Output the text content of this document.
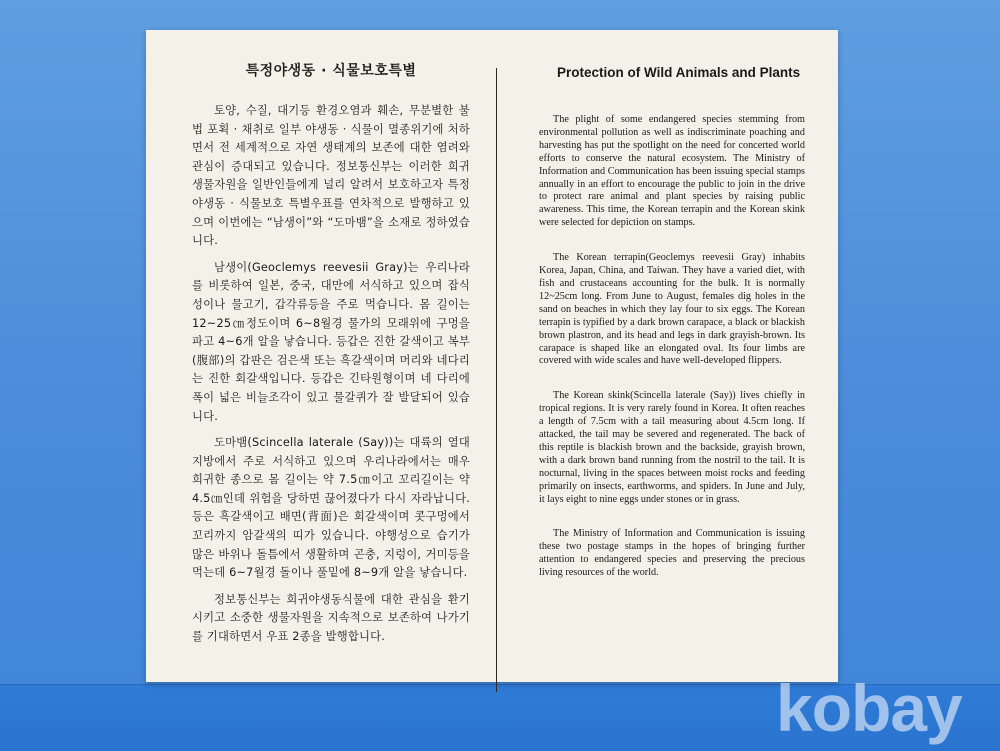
특정야생동 · 식물보호특별

토양, 수질, 대기등 환경오염과 훼손, 무분별한 불법 포획 · 채취로 일부 야생동 · 식물이 멸종위기에 처하면서 전 세계적으로 자연 생태계의 보존에 대한 염려와 관심이 증대되고 있습니다. 정보통신부는 이러한 희귀생물자원을 일반인들에게 널리 알려서 보호하고자 특정야생동 · 식물보호 특별우표를 연차적으로 발행하고 있으며 이번에는 “남생이”와 “도마뱀”을 소재로 정하였습니다.

남생이(Geoclemys reevesii Gray)는 우리나라를 비롯하여 일본, 중국, 대만에 서식하고 있으며 잡식성이나 물고기, 갑각류등을 주로 먹습니다. 몸 길이는 12~25㎝정도이며 6~8월경 물가의 모래위에 구멍을 파고 4~6개 알을 낳습니다. 등갑은 진한 갈색이고 복부(腹部)의 갑판은 검은색 또는 흑갈색이며 머리와 네다리는 진한 회갈색입니다. 등갑은 긴타원형이며 네 다리에 폭이 넓은 비늘조각이 있고 물갈퀴가 잘 발달되어 있습니다.

도마뱀(Scincella laterale (Say))는 대륙의 열대지방에서 주로 서식하고 있으며 우리나라에서는 매우 희귀한 종으로 몸 길이는 약 7.5㎝이고 꼬리길이는 약 4.5㎝인데 위험을 당하면 끊어졌다가 다시 자라납니다. 등은 흑갈색이고 배면(背面)은 회갈색이며 콧구멍에서 꼬리까지 암갈색의 띠가 있습니다. 야행성으로 습기가 많은 바위나 돌틈에서 생활하며 곤충, 지렁이, 거미등을 먹는데 6~7월경 돌이나 풀밑에 8~9개 알을 낳습니다.

정보통신부는 희귀야생동식물에 대한 관심을 환기시키고 소중한 생물자원을 지속적으로 보존하여 나가기를 기대하면서 우표 2종을 발행합니다.

Protection of Wild Animals and Plants

The plight of some endangered species stemming from environmental pollution as well as indiscriminate poaching and harvesting has put the spotlight on the need for concerted world efforts to conserve the natural ecosystem. The Ministry of Information and Communication has been issuing special stamps annually in an effort to encourage the public to join in the drive to protect rare animal and plant species by raising public awareness. This time, the Korean terrapin and the Korean skink were selected for depiction on stamps.

The Korean terrapin(Geoclemys reevesii Gray) inhabits Korea, Japan, China, and Taiwan. They have a varied diet, with fish and crustaceans accounting for the bulk. It is normally 12~25cm long. From June to August, females dig holes in the sand on beaches in which they lay four to six eggs. The Korean terrapin is typified by a dark brown carapace, a black or blackish brown plastron, and its head and legs in dark grayish-brown. Its carapace is shaped like an elongated oval. Its four limbs are covered with wide scales and have well-developed flippers.

The Korean skink(Scincella laterale (Say)) lives chiefly in tropical regions. It is very rarely found in Korea. It often reaches a length of 7.5cm with a tail measuring about 4.5cm long. If attacked, the tail may be severed and regenerated. The back of this reptile is blackish brown and the backside, grayish brown, with a dark brown band running from the nostril to the tail. It is nocturnal, living in the spaces between moist rocks and feeding primarily on insects, earthworms, and spiders. In June and July, it lays eight to nine eggs under stones or in grass.

The Ministry of Information and Communication is issuing these two postage stamps in the hopes of bringing further attention to endangered species and preserving the precious living resources of the world.

kobay
